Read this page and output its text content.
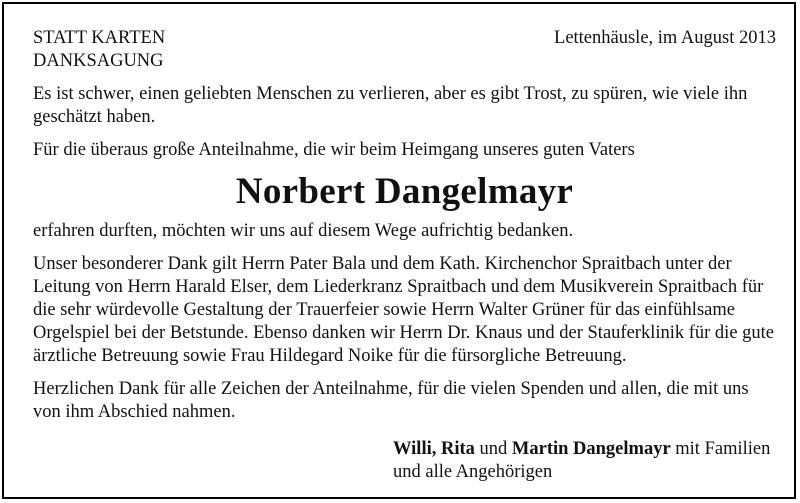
STATT KARTEN
DANKSAGUNG
Lettenhäusle, im August 2013

Es ist schwer, einen geliebten Menschen zu verlieren, aber es gibt Trost, zu spüren, wie viele ihn geschätzt haben.

Für die überaus große Anteilnahme, die wir beim Heimgang unseres guten Vaters

Norbert Dangelmayr

erfahren durften, möchten wir uns auf diesem Wege aufrichtig bedanken.

Unser besonderer Dank gilt Herrn Pater Bala und dem Kath. Kirchenchor Spraitbach unter der Leitung von Herrn Harald Elser, dem Liederkranz Spraitbach und dem Musikverein Spraitbach für die sehr würdevolle Gestaltung der Trauerfeier sowie Herrn Walter Grüner für das einfühlsame Orgelspiel bei der Betstunde. Ebenso danken wir Herrn Dr. Knaus und der Stauferklinik für die gute ärztliche Betreuung sowie Frau Hildegard Noike für die fürsorgliche Betreuung.

Herzlichen Dank für alle Zeichen der Anteilnahme, für die vielen Spenden und allen, die mit uns von ihm Abschied nahmen.

Willi, Rita und Martin Dangelmayr mit Familien
und alle Angehörigen
